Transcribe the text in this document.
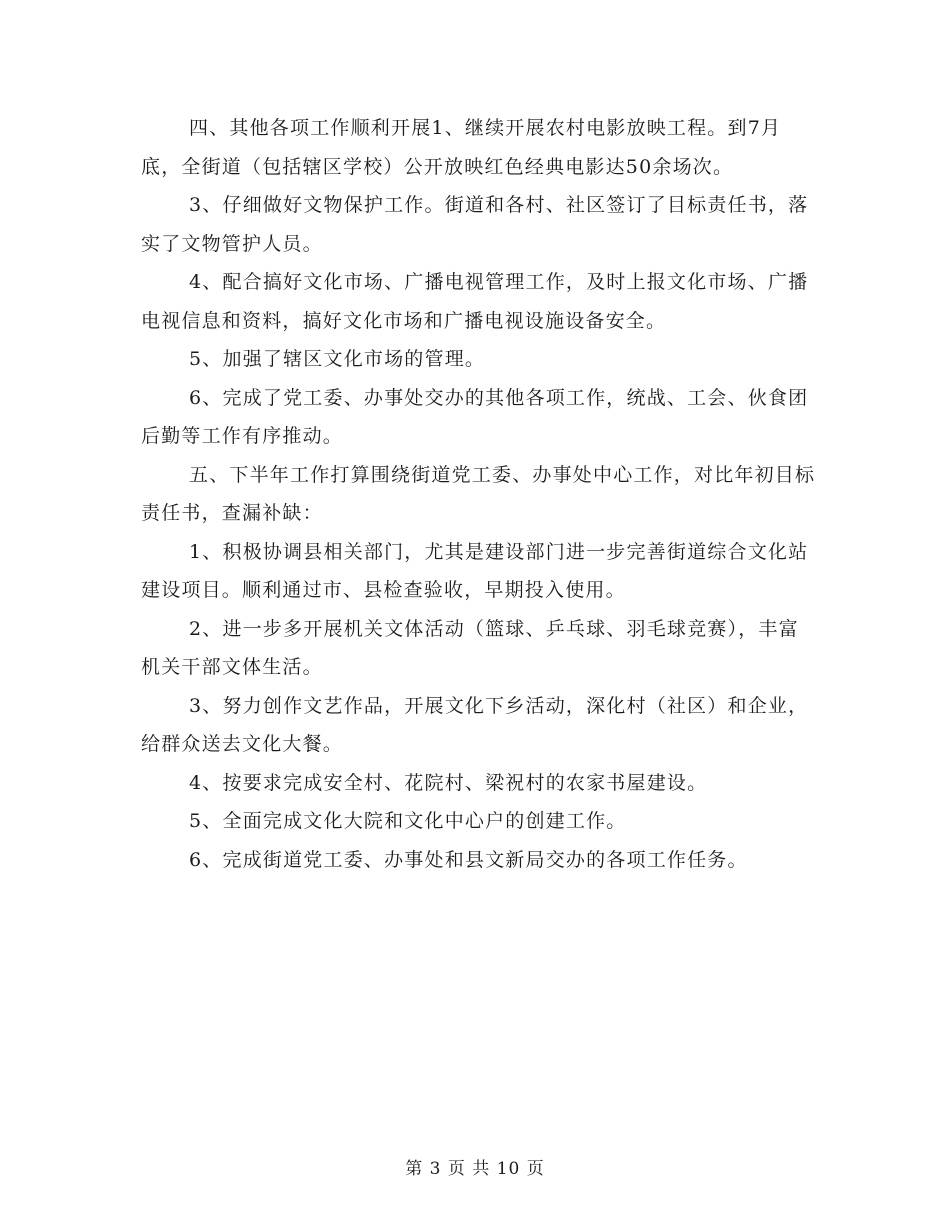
四、其他各项工作顺利开展1、继续开展农村电影放映工程。到7月底，全街道（包括辖区学校）公开放映红色经典电影达50余场次。

3、仔细做好文物保护工作。街道和各村、社区签订了目标责任书，落实了文物管护人员。

4、配合搞好文化市场、广播电视管理工作，及时上报文化市场、广播电视信息和资料，搞好文化市场和广播电视设施设备安全。

5、加强了辖区文化市场的管理。

6、完成了党工委、办事处交办的其他各项工作，统战、工会、伙食团后勤等工作有序推动。

五、下半年工作打算围绕街道党工委、办事处中心工作，对比年初目标责任书，查漏补缺：

1、积极协调县相关部门，尤其是建设部门进一步完善街道综合文化站建设项目。顺利通过市、县检查验收，早期投入使用。

2、进一步多开展机关文体活动（篮球、乒乓球、羽毛球竞赛），丰富机关干部文体生活。

3、努力创作文艺作品，开展文化下乡活动，深化村（社区）和企业，给群众送去文化大餐。

4、按要求完成安全村、花院村、梁祝村的农家书屋建设。

5、全面完成文化大院和文化中心户的创建工作。

6、完成街道党工委、办事处和县文新局交办的各项工作任务。

第 3 页 共 10 页
